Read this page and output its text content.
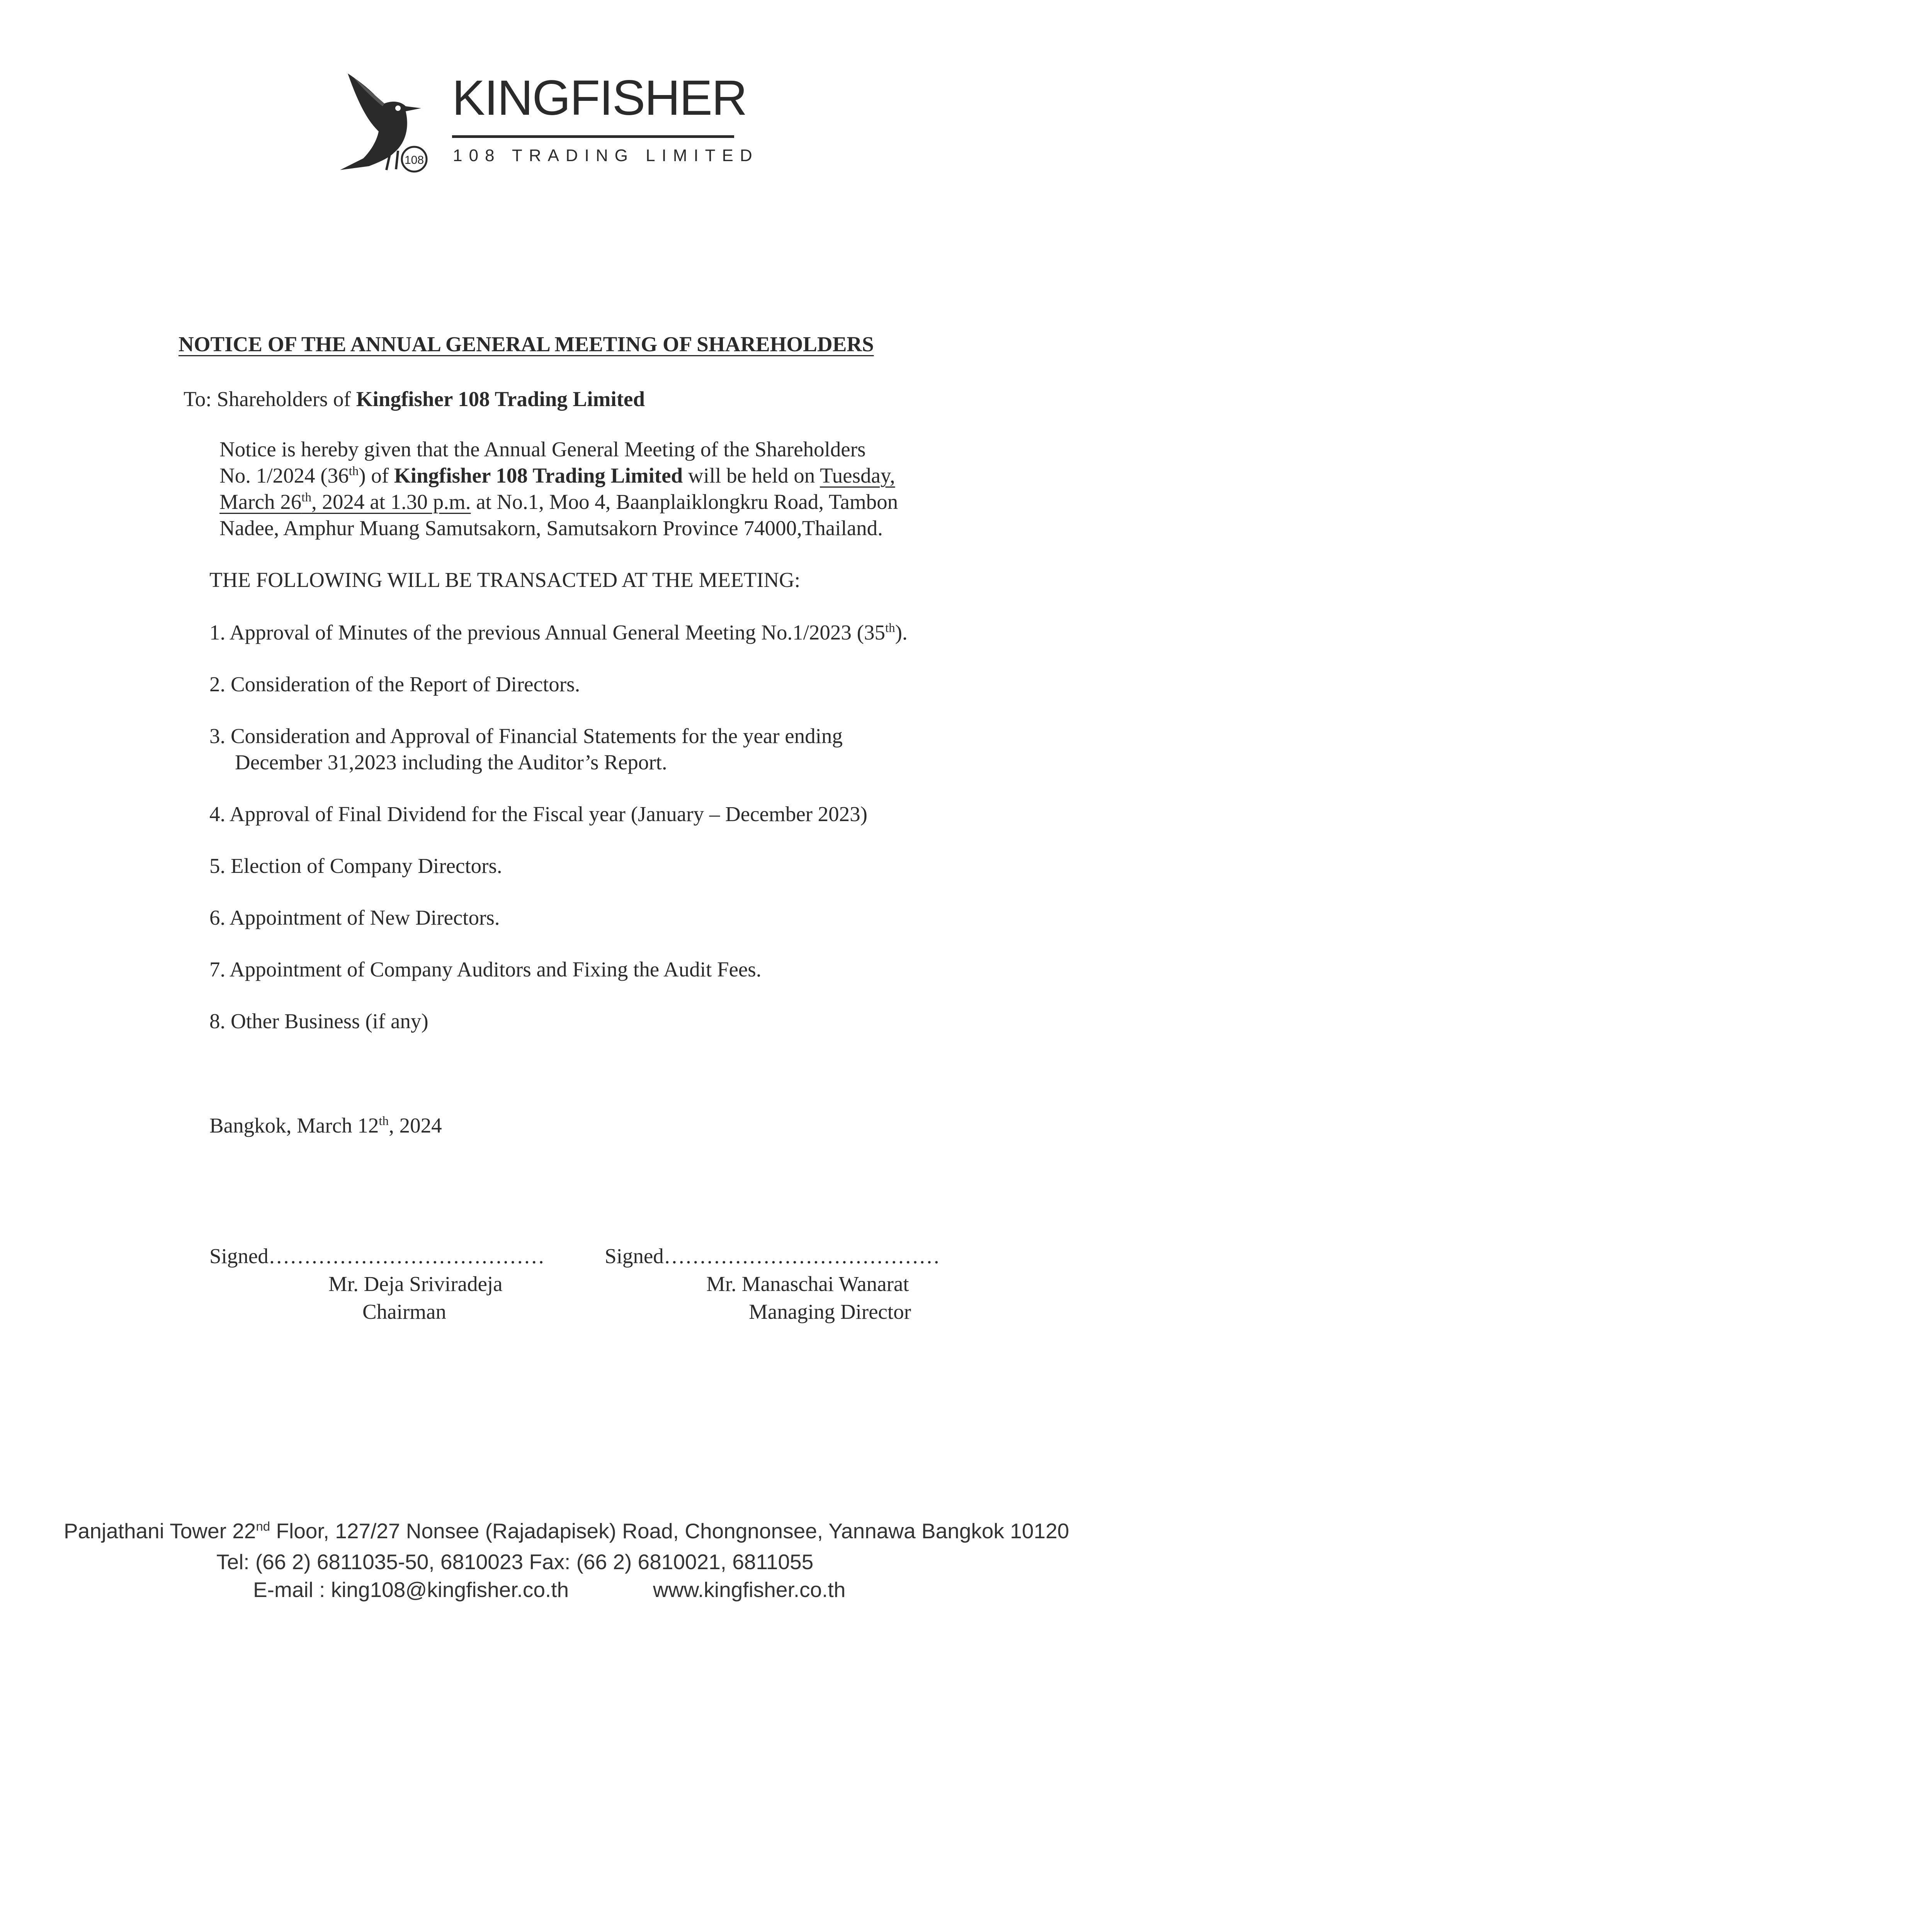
108
KINGFISHER
108 TRADING LIMITED
NOTICE OF THE ANNUAL GENERAL MEETING OF SHAREHOLDERS
To: Shareholders of Kingfisher 108 Trading Limited
Notice is hereby given that the Annual General Meeting of the Shareholders
No. 1/2024 (36th) of Kingfisher 108 Trading Limited will be held on Tuesday,
March 26th, 2024 at 1.30 p.m. at No.1, Moo 4, Baanplaiklongkru Road, Tambon
Nadee, Amphur Muang Samutsakorn, Samutsakorn Province 74000,Thailand.
THE FOLLOWING WILL BE TRANSACTED AT THE MEETING:
1. Approval of Minutes of the previous Annual General Meeting No.1/2023 (35th).
2. Consideration of the Report of Directors.
3. Consideration and Approval of Financial Statements for the year ending
December 31,2023 including the Auditor’s Report.
4. Approval of Final Dividend for the Fiscal year (January – December 2023)
5. Election of Company Directors.
6. Appointment of New Directors.
7. Appointment of Company Auditors and Fixing the Audit Fees.
8. Other Business (if any)
Bangkok, March 12th, 2024
Signed…………………………………	Signed…………………………………
Mr. Deja Sriviradeja	Mr. Manaschai Wanarat
Chairman	Managing Director
Panjathani Tower 22nd Floor, 127/27 Nonsee (Rajadapisek) Road, Chongnonsee, Yannawa Bangkok 10120
Tel: (66 2) 6811035-50, 6810023 Fax: (66 2) 6810021, 6811055
E-mail : king108@kingfisher.co.th	www.kingfisher.co.th
